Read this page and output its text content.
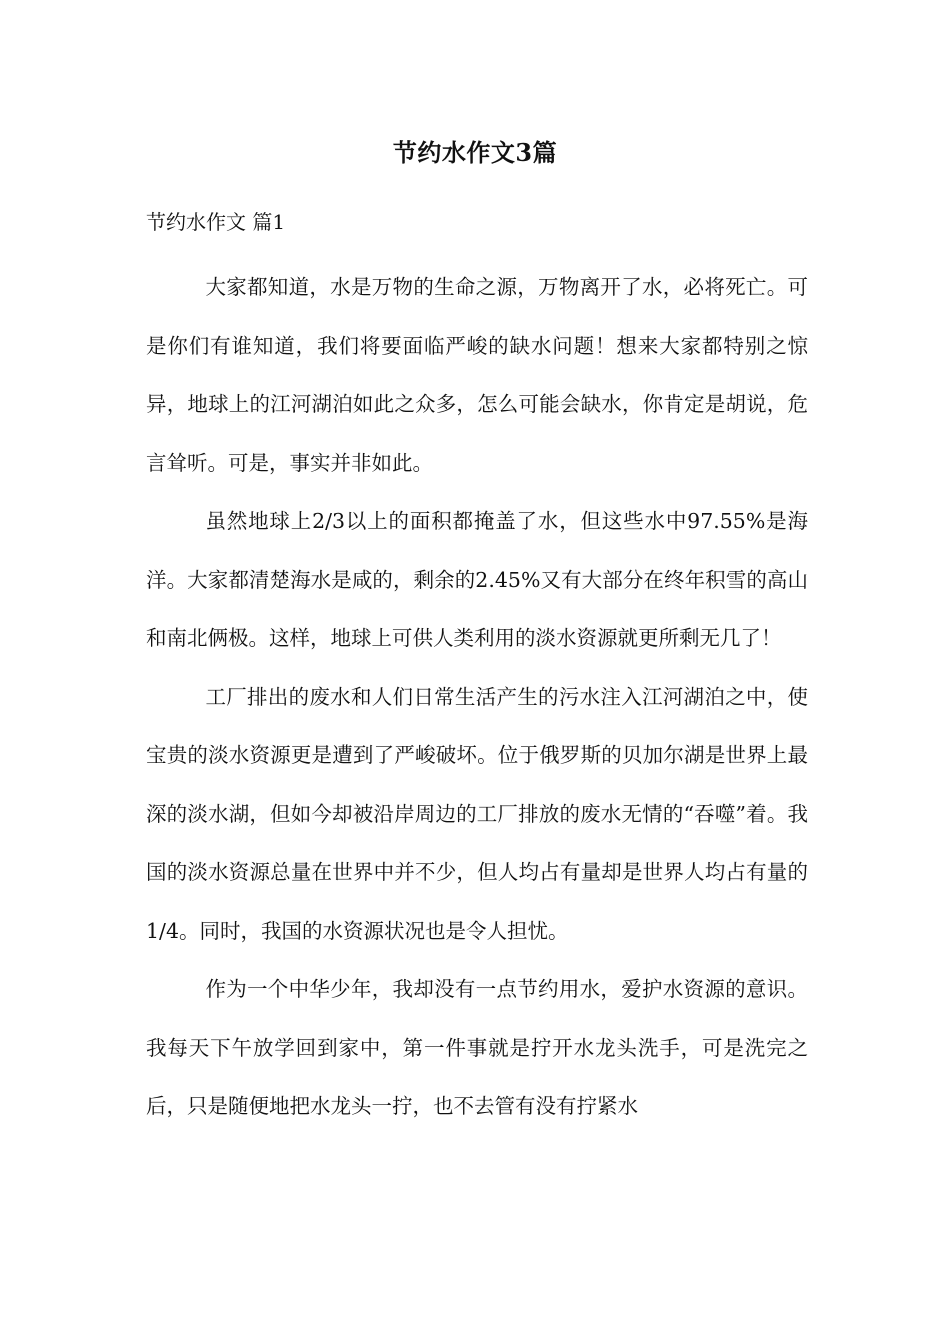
节约水作文3篇
节约水作文 篇1

大家都知道，水是万物的生命之源，万物离开了水，必将死亡。可是你们有谁知道，我们将要面临严峻的缺水问题！想来大家都特别之惊异，地球上的江河湖泊如此之众多，怎么可能会缺水，你肯定是胡说，危言耸听。可是，事实并非如此。

虽然地球上2/3以上的面积都掩盖了水，但这些水中97.55%是海洋。大家都清楚海水是咸的，剩余的2.45%又有大部分在终年积雪的高山和南北俩极。这样，地球上可供人类利用的淡水资源就更所剩无几了！

工厂排出的废水和人们日常生活产生的污水注入江河湖泊之中，使宝贵的淡水资源更是遭到了严峻破坏。位于俄罗斯的贝加尔湖是世界上最深的淡水湖，但如今却被沿岸周边的工厂排放的废水无情的“吞噬”着。我国的淡水资源总量在世界中并不少，但人均占有量却是世界人均占有量的1/4。同时，我国的水资源状况也是令人担忧。

作为一个中华少年，我却没有一点节约用水，爱护水资源的意识。我每天下午放学回到家中，第一件事就是拧开水龙头洗手，可是洗完之后，只是随便地把水龙头一拧，也不去管有没有拧紧水
